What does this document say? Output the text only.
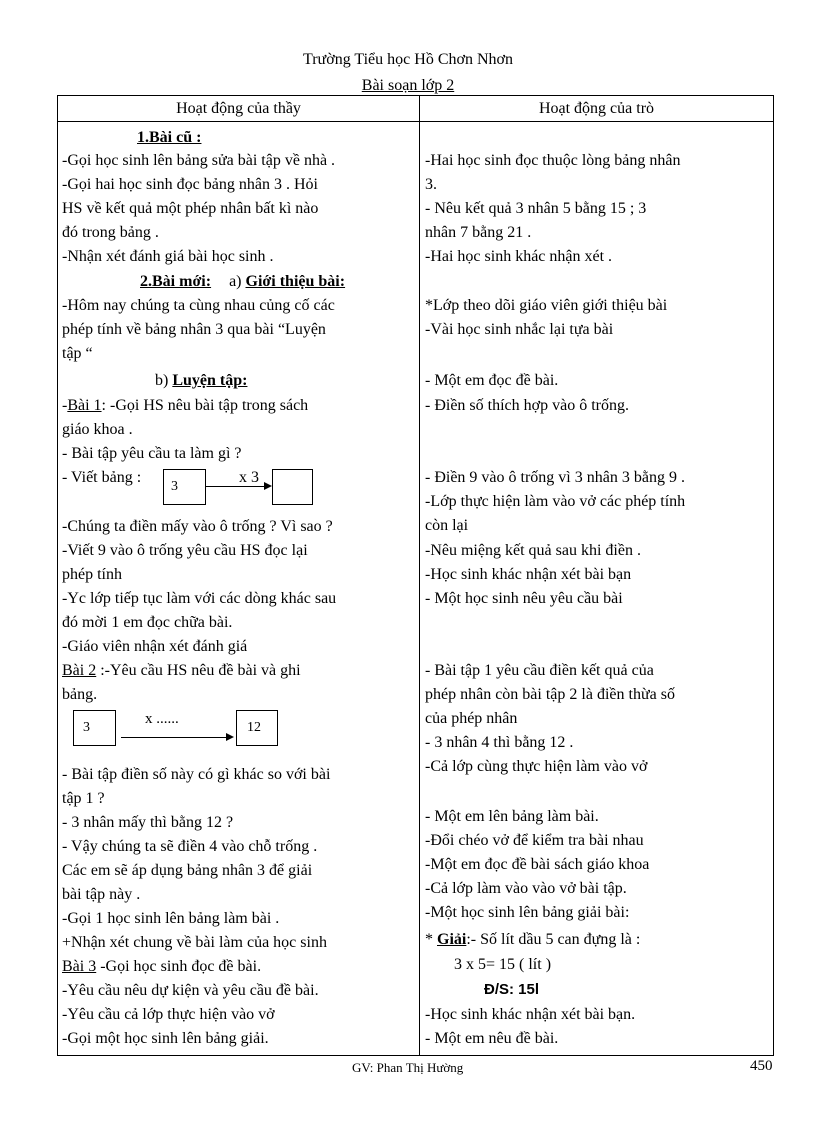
Trường Tiểu học Hồ Chơn Nhơn
Bài soạn lớp 2
Hoạt động của thầy	Hoạt động của trò
1.Bài cũ :
-Gọi học sinh lên bảng sửa bài tập về nhà .
-Gọi hai học sinh đọc bảng nhân 3 . Hỏi
HS về kết quả một phép nhân bất kì nào
đó trong bảng .
-Nhận xét đánh giá bài học sinh .
2.Bài mới: a) Giới thiệu bài:
-Hôm nay chúng ta cùng nhau củng cố các
phép tính về bảng nhân 3 qua bài “Luyện
tập “
b) Luyện tập:
-Bài 1: -Gọi HS nêu bài tập trong sách
giáo khoa .
- Bài tập yêu cầu ta làm gì ?
- Viết bảng :
3
x 3
-Chúng ta điền mấy vào ô trống ? Vì sao ?
-Viết 9 vào ô trống yêu cầu HS đọc lại
phép tính
-Yc lớp tiếp tục làm với các dòng khác sau
đó mời 1 em đọc chữa bài.
-Giáo viên nhận xét đánh giá
Bài 2 :-Yêu cầu HS nêu đề bài và ghi
bảng.
3
x ......
12
- Bài tập điền số này có gì khác so với bài
tập 1 ?
- 3 nhân mấy thì bằng 12 ?
- Vậy chúng ta sẽ điền 4 vào chỗ trống .
Các em sẽ áp dụng bảng nhân 3 để giải
bài tập này .
-Gọi 1 học sinh lên bảng làm bài .
+Nhận xét chung về bài làm của học sinh
Bài 3 -Gọi học sinh đọc đề bài.
-Yêu cầu nêu dự kiện và yêu cầu đề bài.
-Yêu cầu cả lớp thực hiện vào vở
-Gọi một học sinh lên bảng giải.
-Hai học sinh đọc thuộc lòng bảng nhân
3.
- Nêu kết quả 3 nhân 5 bằng 15 ; 3
nhân 7 bằng 21 .
-Hai học sinh khác nhận xét .
*Lớp theo dõi giáo viên giới thiệu bài
-Vài học sinh nhắc lại tựa bài
- Một em đọc đề bài.
- Điền số thích hợp vào ô trống.
- Điền 9 vào ô trống vì 3 nhân 3 bằng 9 .
-Lớp thực hiện làm vào vở các phép tính
còn lại
-Nêu miệng kết quả sau khi điền .
-Học sinh khác nhận xét bài bạn
- Một học sinh nêu yêu cầu bài
- Bài tập 1 yêu cầu điền kết quả của
phép nhân còn bài tập 2 là điền thừa số
của phép nhân
- 3 nhân 4 thì bằng 12 .
-Cả lớp cùng thực hiện làm vào vở
- Một em lên bảng làm bài.
-Đổi chéo vở để kiểm tra bài nhau
-Một em đọc đề bài sách giáo khoa
-Cả lớp làm vào vào vở bài tập.
-Một học sinh lên bảng giải bài:
* Giải:- Số lít dầu 5 can đựng là :
3 x 5= 15 ( lít )
Đ/S: 15l
-Học sinh khác nhận xét bài bạn.
- Một em nêu đề bài.
GV: Phan Thị Hường	450
